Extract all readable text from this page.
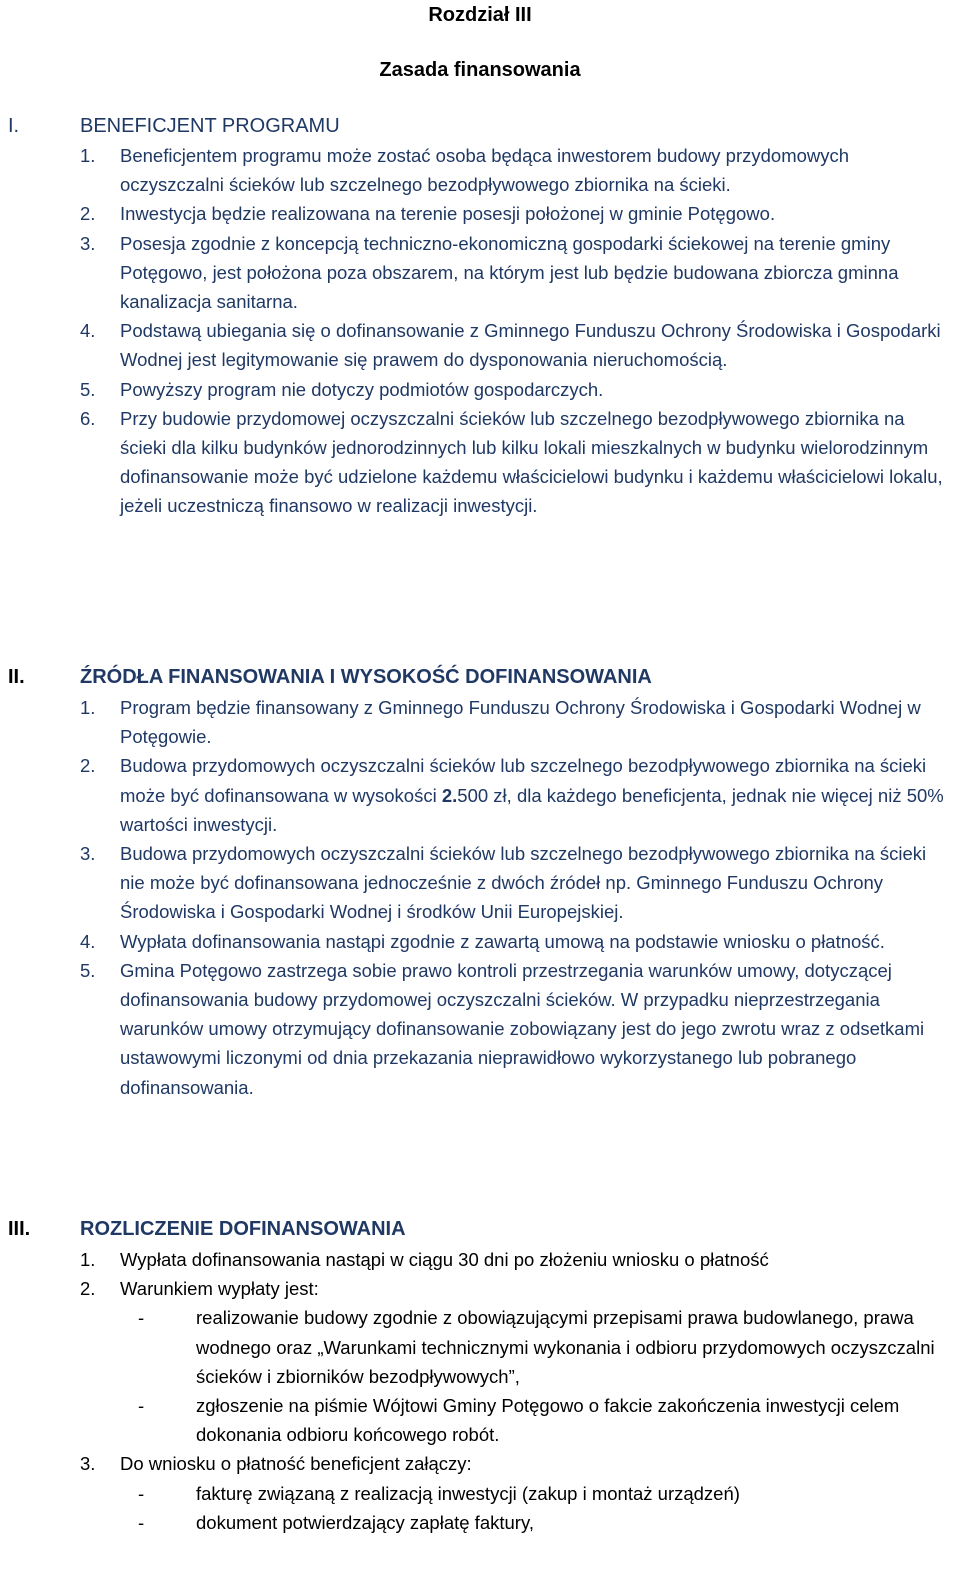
Rozdział III
Zasada finansowania
I.	BENEFICJENT PROGRAMU
1. Beneficjentem programu może zostać osoba będąca inwestorem budowy przydomowych oczyszczalni ścieków lub szczelnego bezodpływowego zbiornika na ścieki.
2. Inwestycja będzie realizowana na terenie posesji położonej w gminie Potęgowo.
3. Posesja zgodnie z koncepcją techniczno-ekonomiczną gospodarki ściekowej na terenie gminy Potęgowo, jest położona poza obszarem, na którym jest lub będzie budowana zbiorcza gminna kanalizacja sanitarna.
4. Podstawą ubiegania się o dofinansowanie z Gminnego Funduszu Ochrony Środowiska i Gospodarki Wodnej jest legitymowanie się prawem do dysponowania nieruchomością.
5. Powyższy program nie dotyczy podmiotów gospodarczych.
6. Przy budowie przydomowej oczyszczalni ścieków lub szczelnego bezodpływowego zbiornika na ścieki dla kilku budynków jednorodzinnych lub kilku lokali mieszkalnych w budynku wielorodzinnym dofinansowanie może być udzielone każdemu właścicielowi budynku i każdemu właścicielowi lokalu, jeżeli uczestniczą finansowo w realizacji inwestycji.
II.	ŹRÓDŁA FINANSOWANIA I WYSOKOŚĆ DOFINANSOWANIA
1. Program będzie finansowany z Gminnego Funduszu Ochrony Środowiska i Gospodarki Wodnej w Potęgowie.
2. Budowa przydomowych oczyszczalni ścieków lub szczelnego bezodpływowego zbiornika na ścieki może być dofinansowana w wysokości 2.500 zł, dla każdego beneficjenta, jednak nie więcej niż 50% wartości inwestycji.
3. Budowa przydomowych oczyszczalni ścieków lub szczelnego bezodpływowego zbiornika na ścieki nie może być dofinansowana jednocześnie z dwóch źródeł np. Gminnego Funduszu Ochrony Środowiska i Gospodarki Wodnej i środków Unii Europejskiej.
4. Wypłata dofinansowania nastąpi zgodnie z zawartą umową na podstawie wniosku o płatność.
5. Gmina Potęgowo zastrzega sobie prawo kontroli przestrzegania warunków umowy, dotyczącej dofinansowania budowy przydomowej oczyszczalni ścieków. W przypadku nieprzestrzegania warunków umowy otrzymujący dofinansowanie zobowiązany jest do jego zwrotu wraz z odsetkami ustawowymi liczonymi od dnia przekazania nieprawidłowo wykorzystanego lub pobranego dofinansowania.
III. ROZLICZENIE DOFINANSOWANIA
1. Wypłata dofinansowania nastąpi w ciągu 30 dni po złożeniu wniosku o płatność
2. Warunkiem wypłaty jest:
-	realizowanie budowy zgodnie z obowiązującymi przepisami prawa budowlanego, prawa wodnego oraz „Warunkami technicznymi wykonania i odbioru przydomowych oczyszczalni ścieków i zbiorników bezodpływowych”,
-	zgłoszenie na piśmie Wójtowi Gminy Potęgowo o fakcie zakończenia inwestycji celem dokonania odbioru końcowego robót.
3. Do wniosku o płatność beneficjent załączy:
-	fakturę związaną z realizacją inwestycji (zakup i montaż urządzeń)
-	dokument potwierdzający zapłatę faktury,
